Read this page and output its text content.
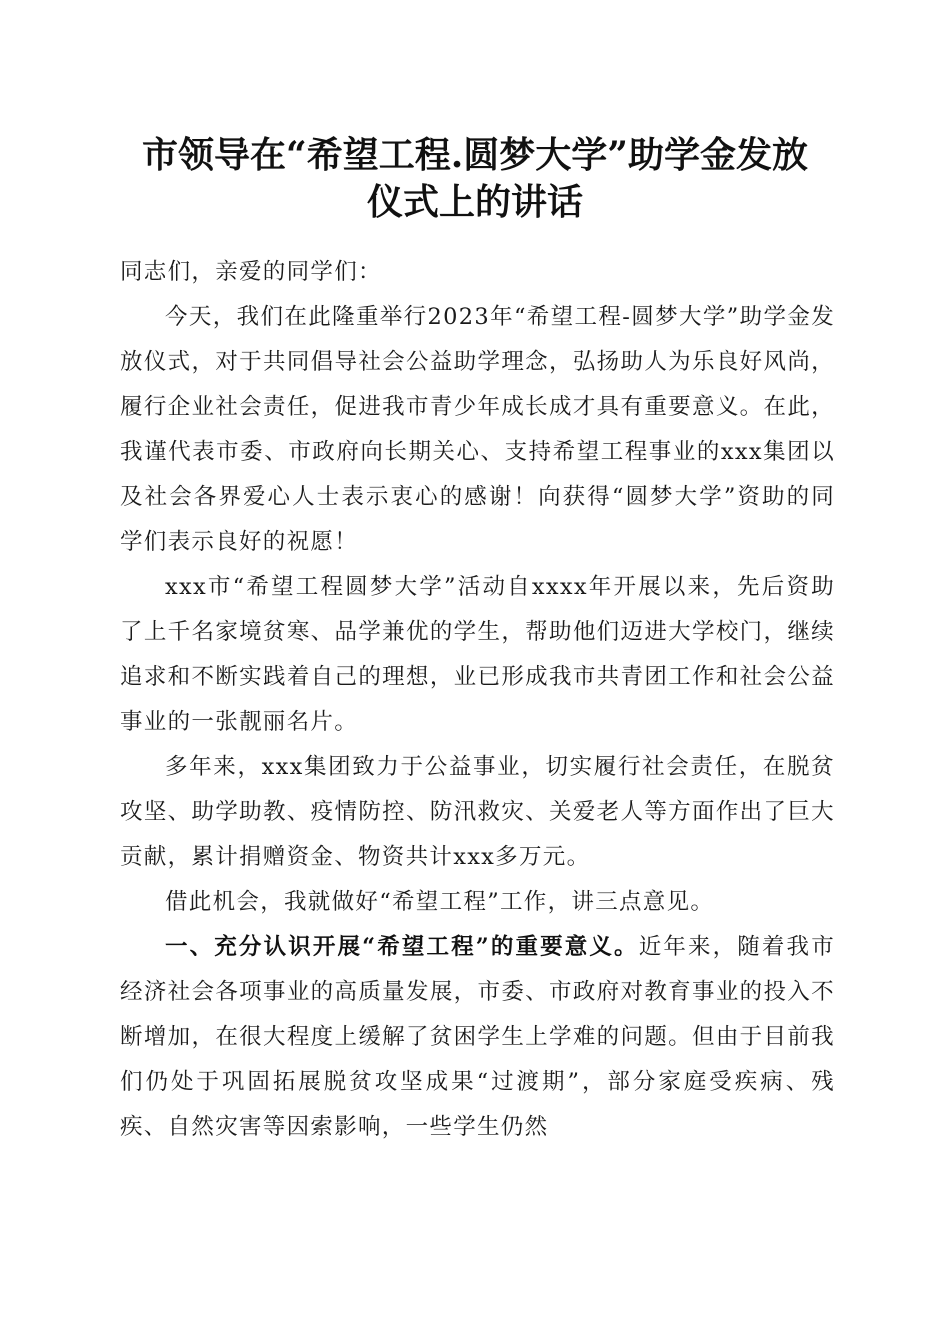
市领导在“希望工程.圆梦大学”助学金发放
仪式上的讲话

同志们，亲爱的同学们：

今天，我们在此隆重举行2023年“希望工程-圆梦大学”助学金发放仪式，对于共同倡导社会公益助学理念，弘扬助人为乐良好风尚，履行企业社会责任，促进我市青少年成长成才具有重要意义。在此，我谨代表市委、市政府向长期关心、支持希望工程事业的xxx集团以及社会各界爱心人士表示衷心的感谢！向获得“圆梦大学”资助的同学们表示良好的祝愿！

xxx市“希望工程圆梦大学”活动自xxxx年开展以来，先后资助了上千名家境贫寒、品学兼优的学生，帮助他们迈进大学校门，继续追求和不断实践着自己的理想，业已形成我市共青团工作和社会公益事业的一张靓丽名片。

多年来，xxx集团致力于公益事业，切实履行社会责任，在脱贫攻坚、助学助教、疫情防控、防汛救灾、关爱老人等方面作出了巨大贡献，累计捐赠资金、物资共计xxx多万元。

借此机会，我就做好“希望工程”工作，讲三点意见。

一、充分认识开展“希望工程”的重要意义。近年来，随着我市经济社会各项事业的高质量发展，市委、市政府对教育事业的投入不断增加，在很大程度上缓解了贫困学生上学难的问题。但由于目前我们仍处于巩固拓展脱贫攻坚成果“过渡期”，部分家庭受疾病、残疾、自然灾害等因索影响，一些学生仍然
